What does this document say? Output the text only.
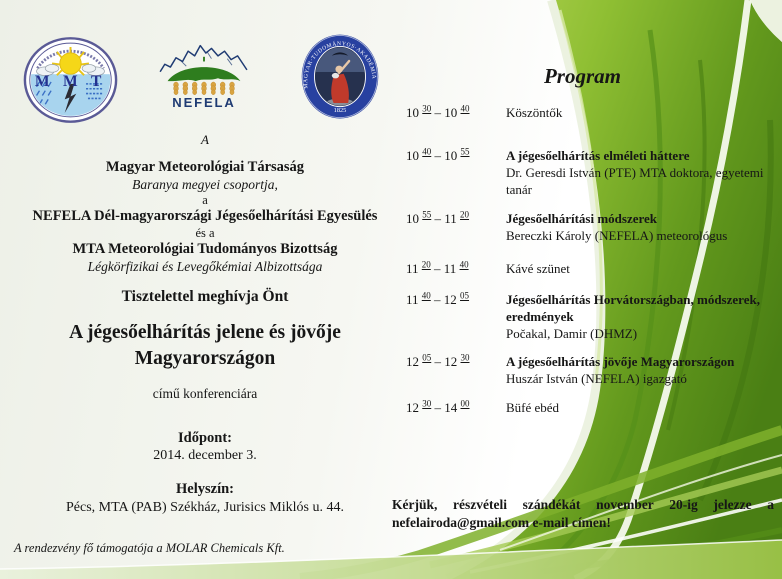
M M T
NEFELA
MAGYAR·TUDOMÁNYOS·AKADÉMIA
1825
A
Magyar Meteorológiai Társaság
Baranya megyei csoportja,
a
NEFELA Dél-magyarországi Jégesőelhárítási Egyesülés
és a
MTA Meteorológiai Tudományos Bizottság
Légkörfizikai és Levegőkémiai Albizottsága
Tisztelettel meghívja Önt
A jégesőelhárítás jelene és jövője
Magyarországon
című konferenciára
Időpont:
2014. december 3.
Helyszín:
Pécs, MTA (PAB) Székház, Jurisics Miklós u. 44.
A rendezvény fő támogatója a MOLAR Chemicals Kft.
Program
10 $^{30}$ – 10 $^{40}$	Köszöntők
10 $^{40}$ – 10 $^{55}$	A jégesőelhárítás elméleti háttere
Dr. Geresdi István (PTE) MTA doktora, egyetemi tanár
10 $^{55}$ – 11 $^{20}$	Jégesőelhárítási módszerek
Bereczki Károly (NEFELA) meteorológus
11 $^{20}$ – 11 $^{40}$	Kávé szünet
11 $^{40}$ – 12 $^{05}$	Jégesőelhárítás Horvátországban, módszerek, eredmények
Počakal, Damir (DHMZ)
12 $^{05}$ – 12 $^{30}$	A jégesőelhárítás jövője Magyarországon
Huszár István (NEFELA) igazgató
12 $^{30}$ – 14 $^{00}$	Büfé ebéd
Kérjük, részvételi szándékát november 20-ig jelezze a nefelairoda@gmail.com e-mail címen!
